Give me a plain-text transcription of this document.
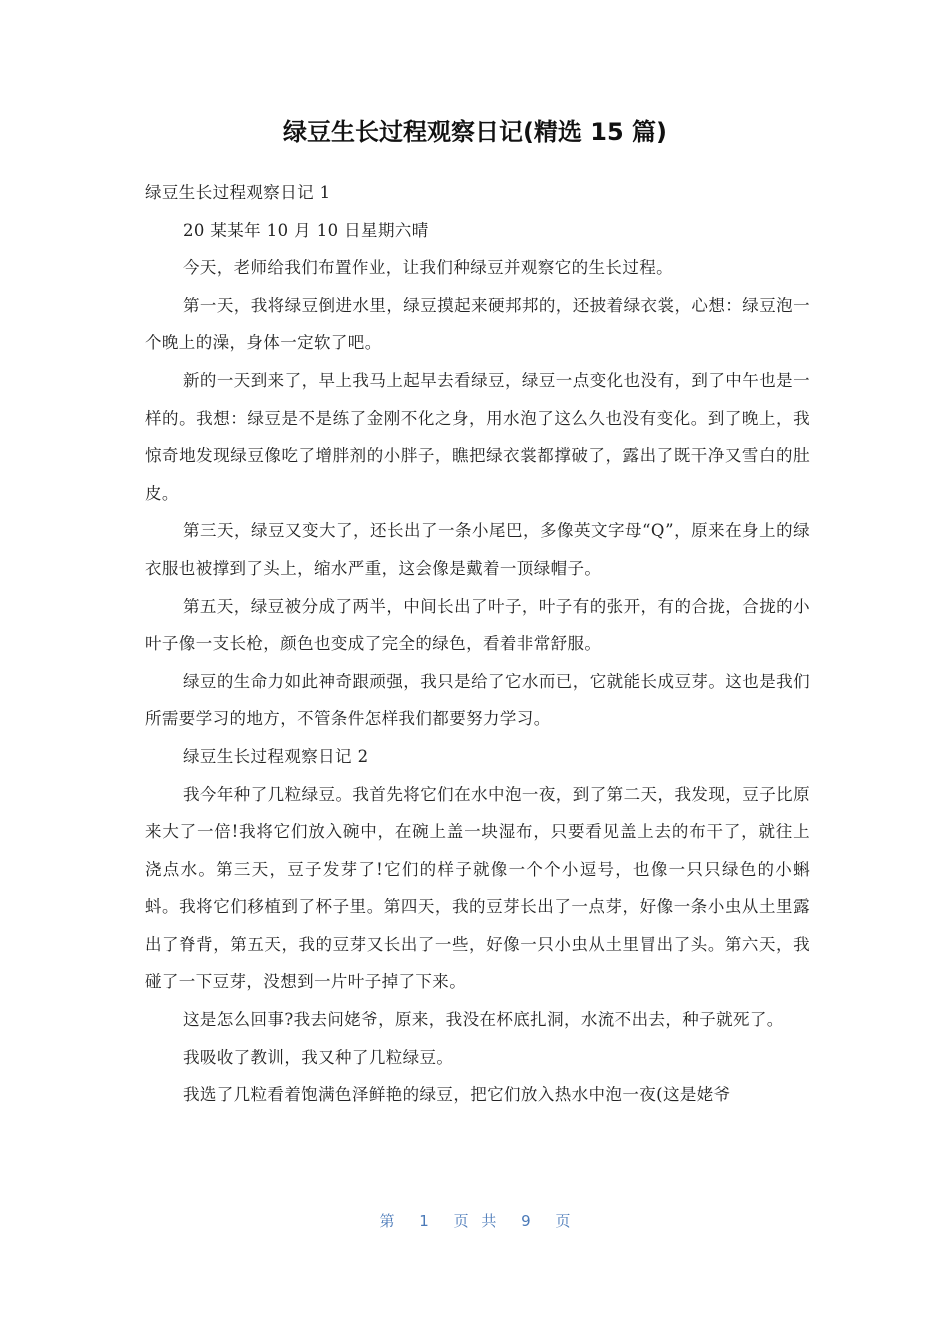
绿豆生长过程观察日记(精选 15 篇)

绿豆生长过程观察日记 1

20 某某年 10 月 10 日星期六晴

今天，老师给我们布置作业，让我们种绿豆并观察它的生长过程。

第一天，我将绿豆倒进水里，绿豆摸起来硬邦邦的，还披着绿衣裳，心想：绿豆泡一个晚上的澡，身体一定软了吧。

新的一天到来了，早上我马上起早去看绿豆，绿豆一点变化也没有，到了中午也是一样的。我想：绿豆是不是练了金刚不化之身，用水泡了这么久也没有变化。到了晚上，我惊奇地发现绿豆像吃了增胖剂的小胖子，瞧把绿衣裳都撑破了，露出了既干净又雪白的肚皮。

第三天，绿豆又变大了，还长出了一条小尾巴，多像英文字母“Q”，原来在身上的绿衣服也被撑到了头上，缩水严重，这会像是戴着一顶绿帽子。

第五天，绿豆被分成了两半，中间长出了叶子，叶子有的张开，有的合拢，合拢的小叶子像一支长枪，颜色也变成了完全的绿色，看着非常舒服。

绿豆的生命力如此神奇跟顽强，我只是给了它水而已，它就能长成豆芽。这也是我们所需要学习的地方，不管条件怎样我们都要努力学习。

绿豆生长过程观察日记 2

我今年种了几粒绿豆。我首先将它们在水中泡一夜，到了第二天，我发现，豆子比原来大了一倍!我将它们放入碗中，在碗上盖一块湿布，只要看见盖上去的布干了，就往上浇点水。第三天，豆子发芽了!它们的样子就像一个个小逗号，也像一只只绿色的小蝌蚪。我将它们移植到了杯子里。第四天，我的豆芽长出了一点芽，好像一条小虫从土里露出了脊背，第五天，我的豆芽又长出了一些，好像一只小虫从土里冒出了头。第六天，我碰了一下豆芽，没想到一片叶子掉了下来。

这是怎么回事?我去问姥爷，原来，我没在杯底扎洞，水流不出去，种子就死了。

我吸收了教训，我又种了几粒绿豆。

我选了几粒看着饱满色泽鲜艳的绿豆，把它们放入热水中泡一夜(这是姥爷

第 1 页 共 9 页
